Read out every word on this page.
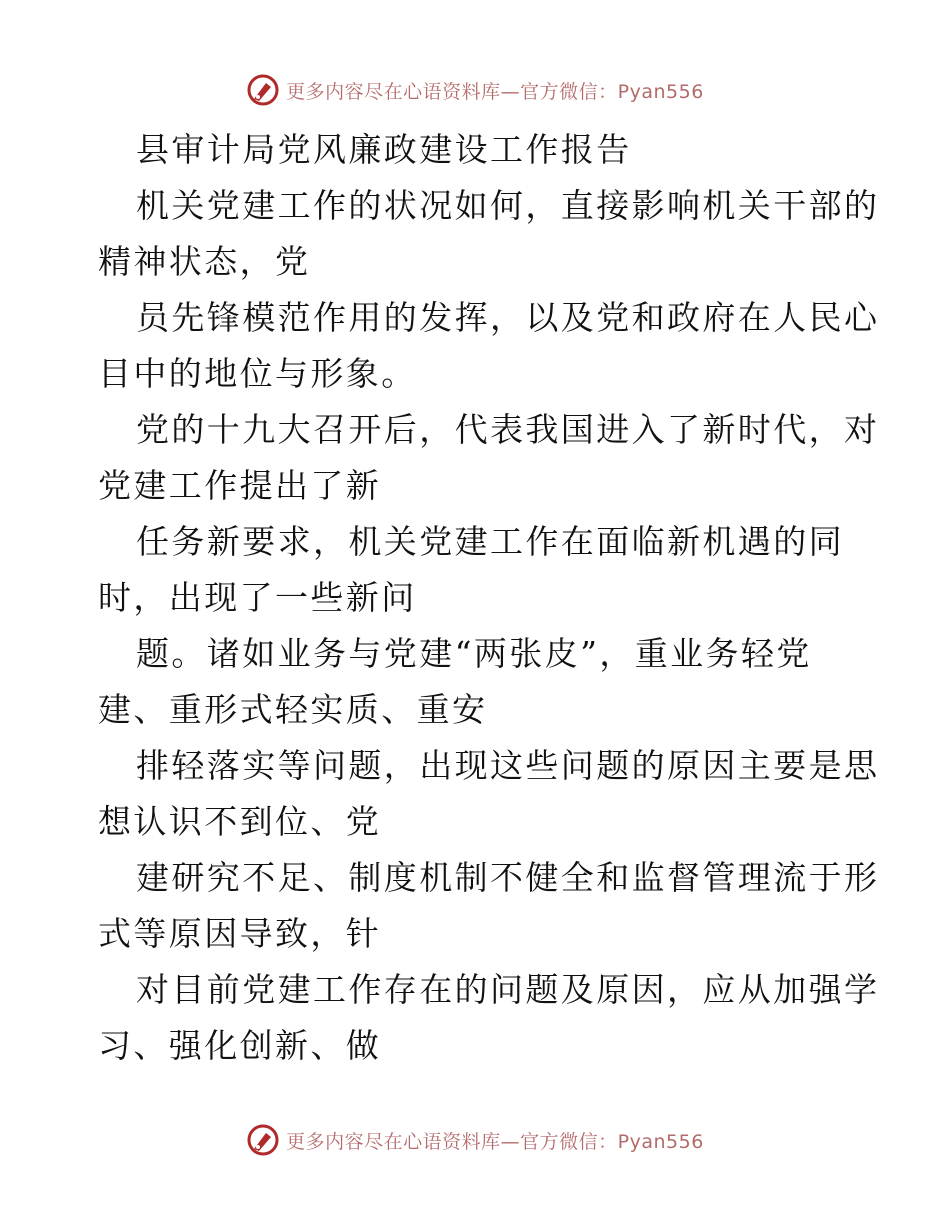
更多内容尽在心语资料库—官方微信：Pyan556
县审计局党风廉政建设工作报告
机关党建工作的状况如何，直接影响机关干部的
精神状态，党
员先锋模范作用的发挥，以及党和政府在人民心
目中的地位与形象。
党的十九大召开后，代表我国进入了新时代，对
党建工作提出了新
任务新要求，机关党建工作在面临新机遇的同
时，出现了一些新问
题。诸如业务与党建“两张皮”，重业务轻党
建、重形式轻实质、重安
排轻落实等问题，出现这些问题的原因主要是思
想认识不到位、党
建研究不足、制度机制不健全和监督管理流于形
式等原因导致，针
对目前党建工作存在的问题及原因，应从加强学
习、强化创新、做
更多内容尽在心语资料库—官方微信：Pyan556
